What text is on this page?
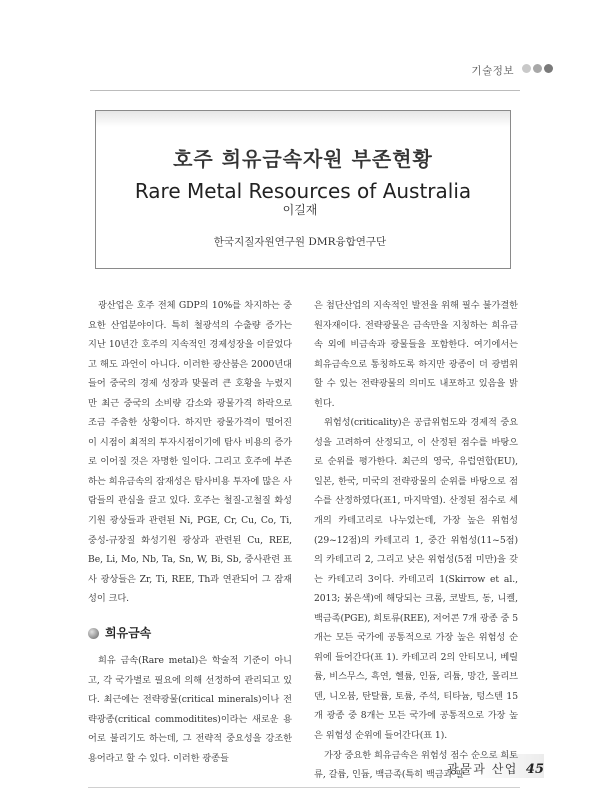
기술정보
호주 희유금속자원 부존현황
Rare Metal Resources of Australia
이길재
한국지질자원연구원 DMR융합연구단

광산업은 호주 전체 GDP의 10%를 차지하는 중요한 산업분야이다. 특히 철광석의 수출량 증가는 지난 10년간 호주의 지속적인 경제성장을 이끌었다고 해도 과언이 아니다. 이러한 광산붐은 2000년대 들어 중국의 경제 성장과 맞물려 큰 호황을 누렸지만 최근 중국의 소비량 감소와 광물가격 하락으로 조금 주춤한 상황이다. 하지만 광물가격이 떨어진 이 시점이 최적의 투자시점이기에 탐사 비용의 증가로 이어질 것은 자명한 일이다. 그리고 호주에 부존하는 희유금속의 잠재성은 탐사비용 투자에 많은 사람들의 관심을 끌고 있다. 호주는 철질-고철질 화성기원 광상들과 관련된 Ni, PGE, Cr, Cu, Co, Ti, 중성-규장질 화성기원 광상과 관련된 Cu, REE, Be, Li, Mo, Nb, Ta, Sn, W, Bi, Sb, 중사관련 표사 광상들은 Zr, Ti, REE, Th과 연관되어 그 잠재성이 크다.

희유금속

희유 금속(Rare metal)은 학술적 기준이 아니고, 각 국가별로 필요에 의해 선정하여 관리되고 있다. 최근에는 전략광물(critical minerals)이나 전략광종(critical commoditites)이라는 새로운 용어로 불리기도 하는데, 그 전략적 중요성을 강조한 용어라고 할 수 있다. 이러한 광종들

은 첨단산업의 지속적인 발전을 위해 필수 불가결한 원자재이다. 전략광물은 금속만을 지칭하는 희유금속 외에 비금속과 광물들을 포함한다. 여기에서는 희유금속으로 통칭하도록 하지만 광종이 더 광범위할 수 있는 전략광물의 의미도 내포하고 있음을 밝힌다.

위험성(criticality)은 공급위험도와 경제적 중요성을 고려하여 산정되고, 이 산정된 점수를 바탕으로 순위를 평가한다. 최근의 영국, 유럽연합(EU), 일본, 한국, 미국의 전략광물의 순위를 바탕으로 점수를 산정하였다(표1, 마지막열). 산정된 점수로 세 개의 카테고리로 나누었는데, 가장 높은 위험성(29~12점)의 카테고리 1, 중간 위험성(11~5점)의 카테고리 2, 그리고 낮은 위험성(5점 미만)을 갖는 카테고리 3이다. 카테고리 1(Skirrow et al., 2013; 붉은색)에 해당되는 크롬, 코발트, 동, 니켈, 백금족(PGE), 희토류(REE), 저어콘 7개 광종 중 5개는 모든 국가에 공통적으로 가장 높은 위험성 순위에 들어간다(표 1). 카테고리 2의 안티모니, 베릴륨, 비스무스, 흑연, 헬륨, 인듐, 리튬, 망간, 몰리브덴, 니오븀, 탄탈륨, 토륨, 주석, 티타늄, 텅스텐 15개 광종 중 8개는 모든 국가에 공통적으로 가장 높은 위험성 순위에 들어간다(표 1).

가장 중요한 희유금속은 위험성 점수 순으로 희토류, 갈륨, 인듐, 백금족(특히 백금과 팔

광물과 산업 45
